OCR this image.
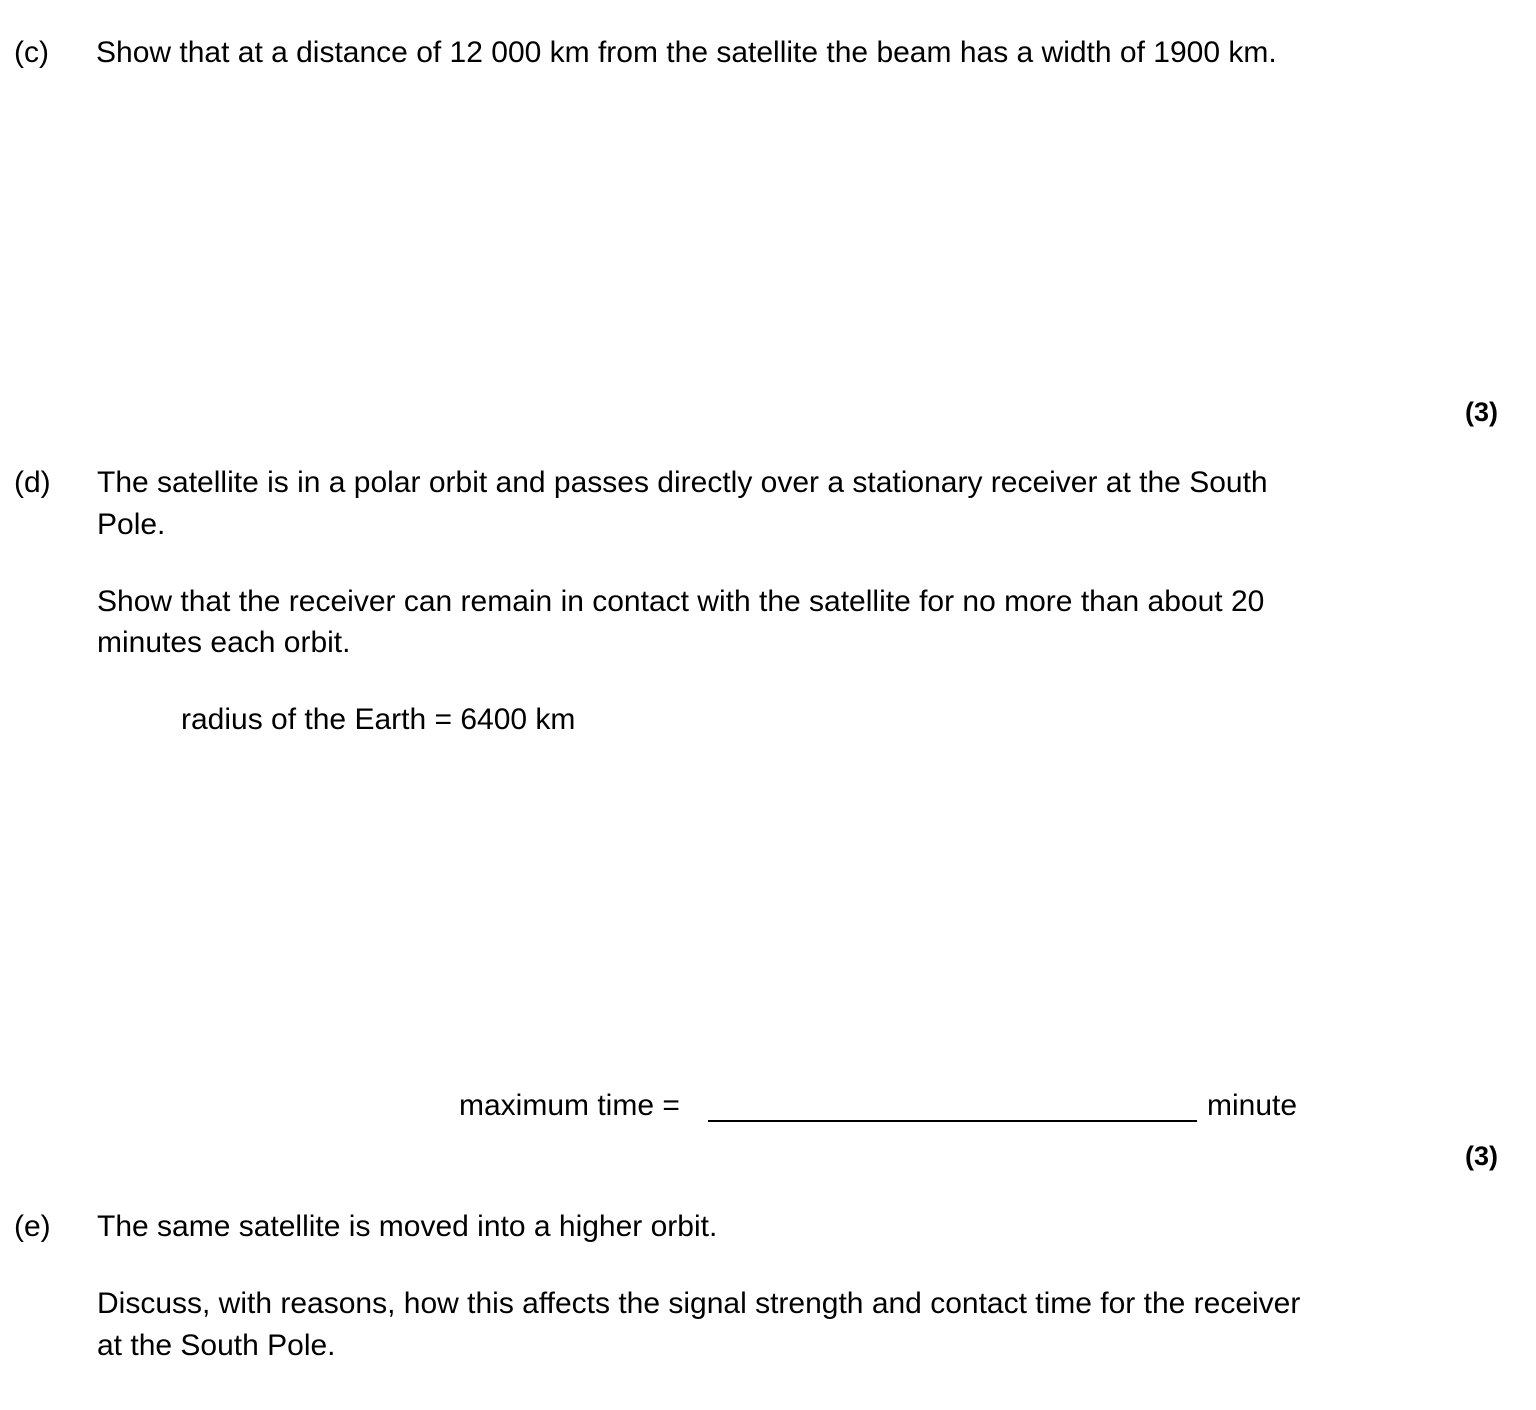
(c) Show that at a distance of 12 000 km from the satellite the beam has a width of 1900 km.
(3)
(d) The satellite is in a polar orbit and passes directly over a stationary receiver at the South
Pole.
Show that the receiver can remain in contact with the satellite for no more than about 20
minutes each orbit.
radius of the Earth = 6400 km
maximum time =	minute
(3)
(e) The same satellite is moved into a higher orbit.
Discuss, with reasons, how this affects the signal strength and contact time for the receiver
at the South Pole.
